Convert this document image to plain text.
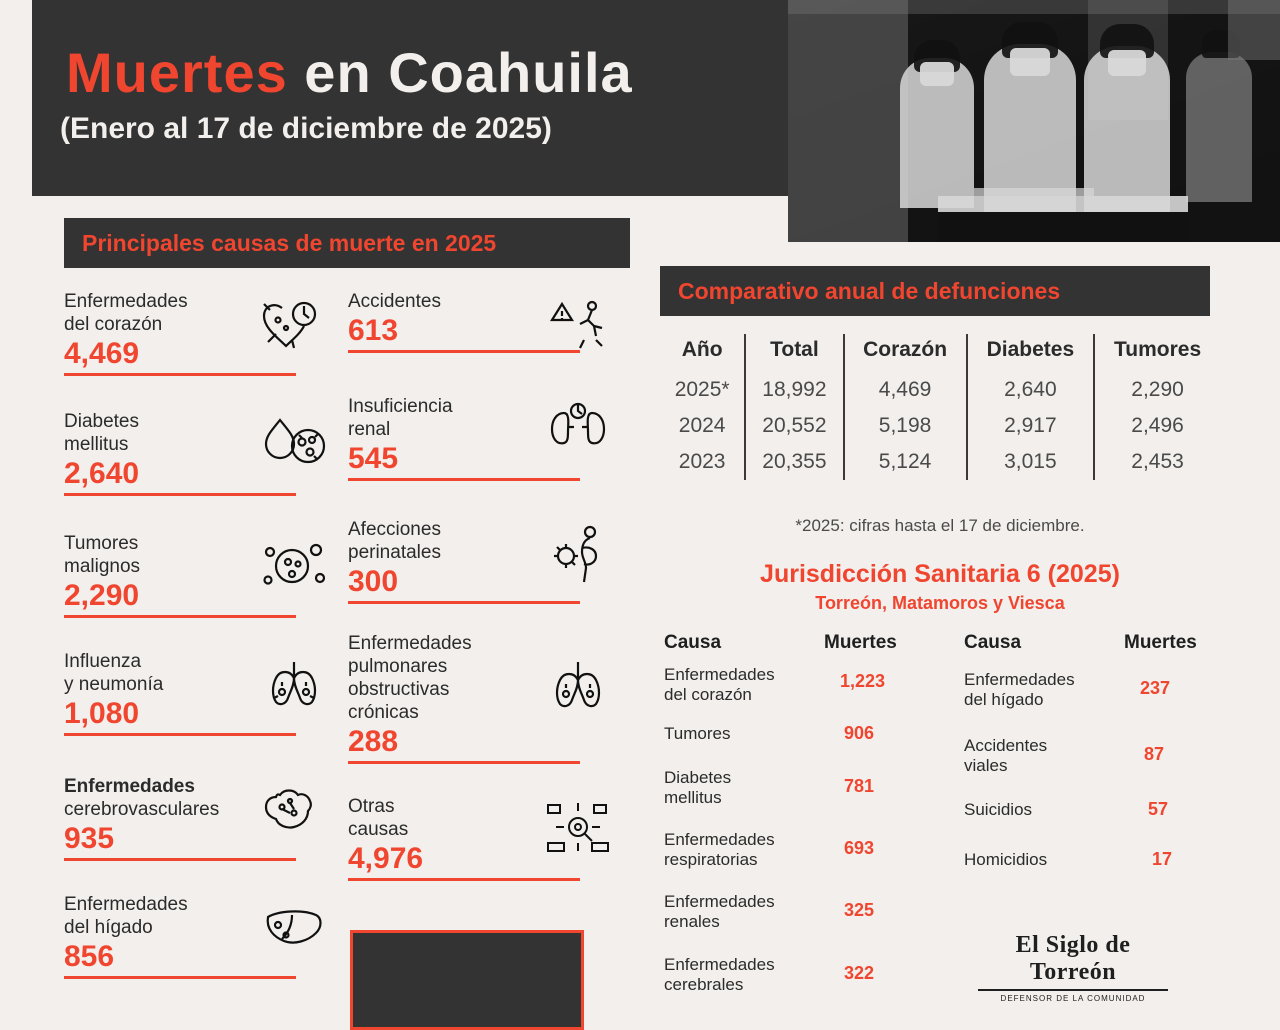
Muertes en Coahuila
(Enero al 17 de diciembre de 2025)
Principales causas de muerte en 2025
Comparativo anual de defunciones
Enfermedades
del corazón
4,469
Diabetes
mellitus
2,640
Tumores
malignos
2,290
Influenza
y neumonía
1,080
Enfermedades
cerebrovasculares
935
Enfermedades
del hígado
856
Accidentes
613
Insuficiencia
renal
545
Afecciones
perinatales
300
Enfermedades
pulmonares
obstructivas
crónicas
288
Otras
causas
4,976
Año	Total	Corazón	Diabetes	Tumores
2025*	18,992	4,469	2,640	2,290
2024	20,552	5,198	2,917	2,496
2023	20,355	5,124	3,015	2,453
*2025: cifras hasta el 17 de diciembre.
Jurisdicción Sanitaria 6 (2025)
Torreón, Matamoros y Viesca
Causa	Muertes	Causa	Muertes
Enfermedades
del corazón
1,223
Tumores	906
Diabetes
mellitus
781
Enfermedades
respiratorias
693
Enfermedades
renales
325
Enfermedades
cerebrales
322
Enfermedades
del hígado
237
Accidentes
viales
87
Suicidios	57
Homicidios	17
El Siglo de Torreón
DEFENSOR DE LA COMUNIDAD
